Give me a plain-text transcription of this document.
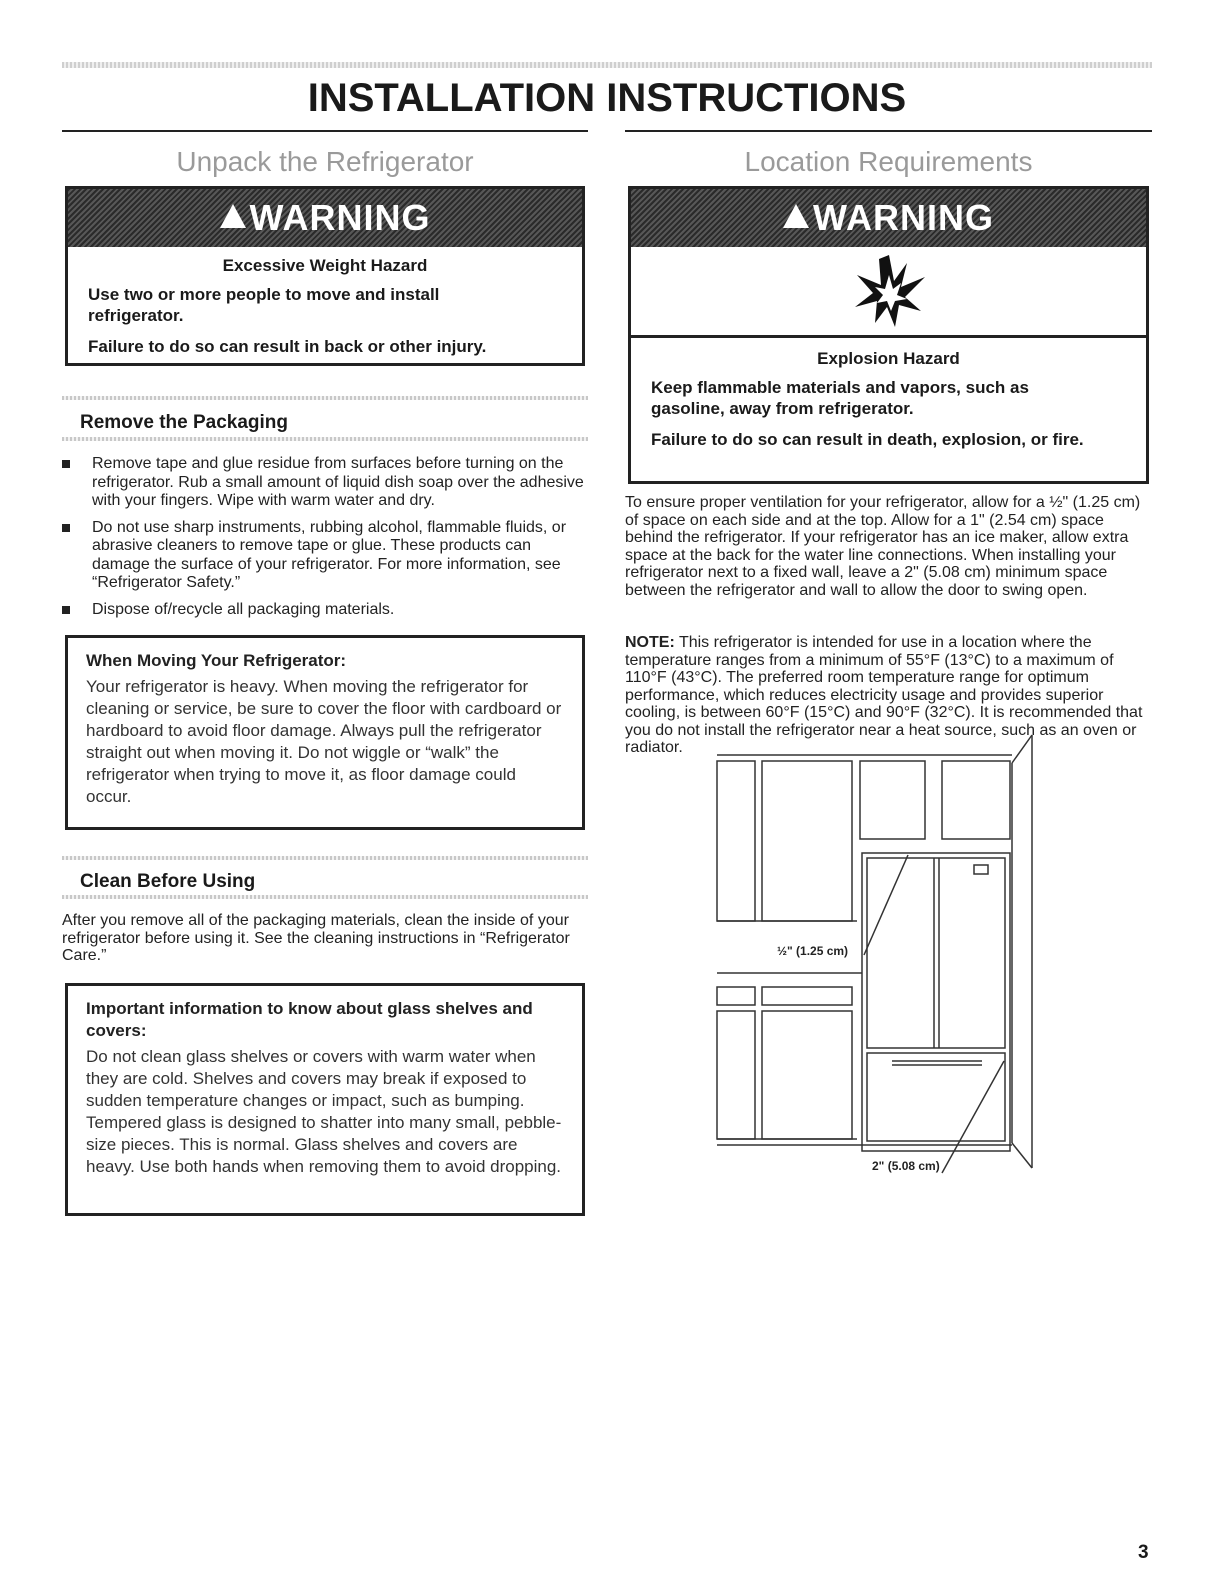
INSTALLATION INSTRUCTIONS
Unpack the Refrigerator
WARNING

Excessive Weight Hazard

Use two or more people to move and install refrigerator.

Failure to do so can result in back or other injury.

Remove the Packaging
Remove tape and glue residue from surfaces before turning on the refrigerator. Rub a small amount of liquid dish soap over the adhesive with your fingers. Wipe with warm water and dry.
Do not use sharp instruments, rubbing alcohol, flammable fluids, or abrasive cleaners to remove tape or glue. These products can damage the surface of your refrigerator. For more information, see “Refrigerator Safety.”
Dispose of/recycle all packaging materials.

When Moving Your Refrigerator:

Your refrigerator is heavy. When moving the refrigerator for cleaning or service, be sure to cover the floor with cardboard or hardboard to avoid floor damage. Always pull the refrigerator straight out when moving it. Do not wiggle or “walk” the refrigerator when trying to move it, as floor damage could occur.

Clean Before Using

After you remove all of the packaging materials, clean the inside of your refrigerator before using it. See the cleaning instructions in “Refrigerator Care.”

Important information to know about glass shelves and covers:

Do not clean glass shelves or covers with warm water when they are cold. Shelves and covers may break if exposed to sudden temperature changes or impact, such as bumping. Tempered glass is designed to shatter into many small, pebble-size pieces. This is normal. Glass shelves and covers are heavy. Use both hands when removing them to avoid dropping.

Location Requirements
WARNING

Explosion Hazard

Keep flammable materials and vapors, such as gasoline, away from refrigerator.

Failure to do so can result in death, explosion, or fire.

To ensure proper ventilation for your refrigerator, allow for a ½" (1.25 cm) of space on each side and at the top. Allow for a 1" (2.54 cm) space behind the refrigerator. If your refrigerator has an ice maker, allow extra space at the back for the water line connections. When installing your refrigerator next to a fixed wall, leave a 2" (5.08 cm) minimum space between the refrigerator and wall to allow the door to swing open.

NOTE: This refrigerator is intended for use in a location where the temperature ranges from a minimum of 55°F (13°C) to a maximum of 110°F (43°C). The preferred room temperature range for optimum performance, which reduces electricity usage and provides superior cooling, is between 60°F (15°C) and 90°F (32°C). It is recommended that you do not install the refrigerator near a heat source, such as an oven or radiator.

½" (1.25 cm)
2" (5.08 cm)
3
